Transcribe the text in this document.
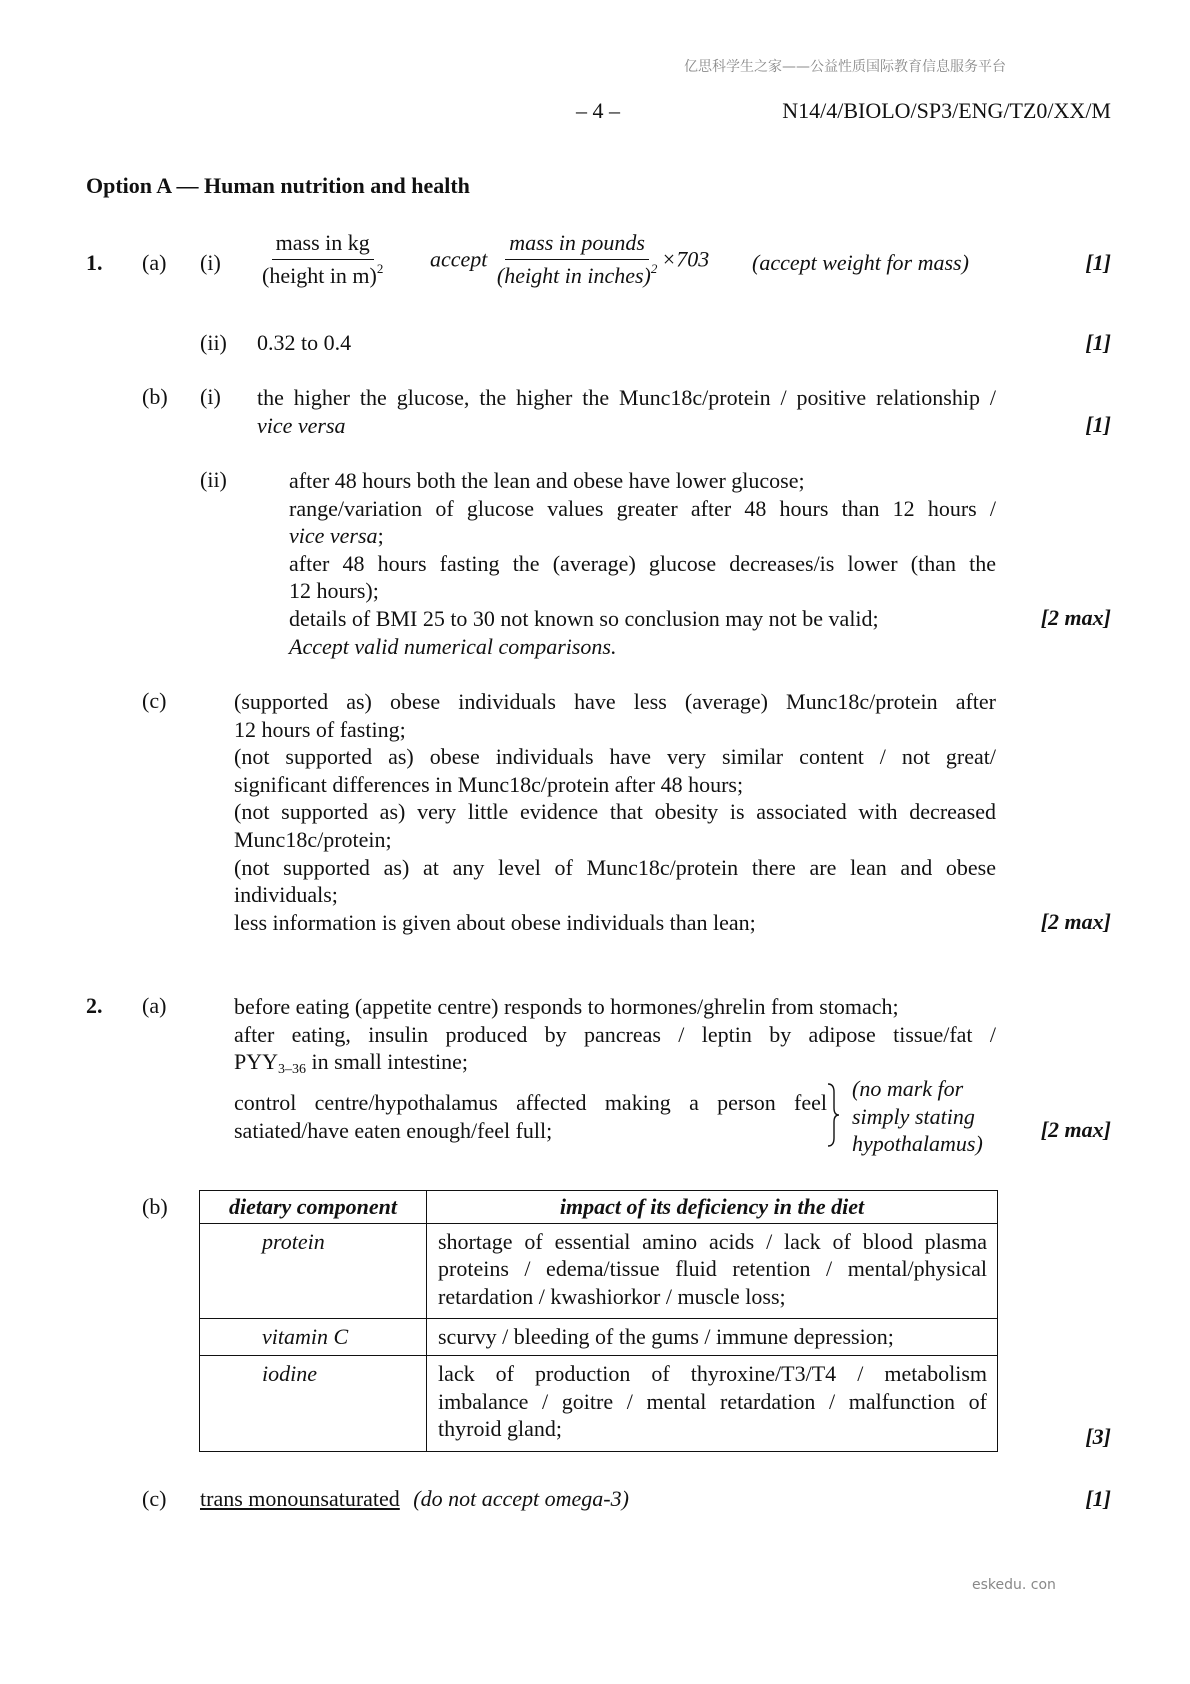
亿思科学生之家——公益性质国际教育信息服务平台
– 4 –	N14/4/BIOLO/SP3/ENG/TZ0/XX/M
Option A — Human nutrition and health
1. (a) $(i) \frac{\text{mass in kg}}{(height in m)^2}$ accept $\frac{\text{mass in pounds}}{(height in inches)^2} \times 703$ (accept weight for mass)	[1]
(ii) 0.32 to 0.4	[1]
(b) (i) the higher the glucose, the higher the Munc18c/protein / positive relationship /
vice versa	[1]
(ii)	after 48 hours both the lean and obese have lower glucose;
range/variation of glucose values greater after 48 hours than 12 hours /
vice versa;
after 48 hours fasting the (average) glucose decreases/is lower (than the
12 hours);
details of BMI 25 to 30 not known so conclusion may not be valid;
Accept valid numerical comparisons.
[2 max]
(c)	(supported as) obese individuals have less (average) Munc18c/protein after
12 hours of fasting;
(not supported as) obese individuals have very similar content / not great/
significant differences in Munc18c/protein after 48 hours;
(not supported as) very little evidence that obesity is associated with decreased
Munc18c/protein;
(not supported as) at any level of Munc18c/protein there are lean and obese
individuals;
less information is given about obese individuals than lean;	[2 max]
2. (a)	before eating (appetite centre) responds to hormones/ghrelin from stomach;
after eating, insulin produced by pancreas / leptin by adipose tissue/fat /
$PYY_{3-36}$ in small intestine;
control centre/hypothalamus affected making a person feel
satiated/have eaten enough/feel full;
(no mark for
simply stating
hypothalamus)
[2 max]
(b)	dietary component	impact of its deficiency in the diet
protein	shortage of essential amino acids / lack of blood plasma proteins / edema/tissue fluid retention / mental/physical retardation / kwashiorkor / muscle loss;
vitamin C	scurvy / bleeding of the gums / immune depression;
iodine	lack of production of thyroxine/T3/T4 / metabolism imbalance / goitre / mental retardation / malfunction of thyroid gland;	[3]
(c) trans monounsaturated (do not accept omega-3)	[1]
eskedu. con
